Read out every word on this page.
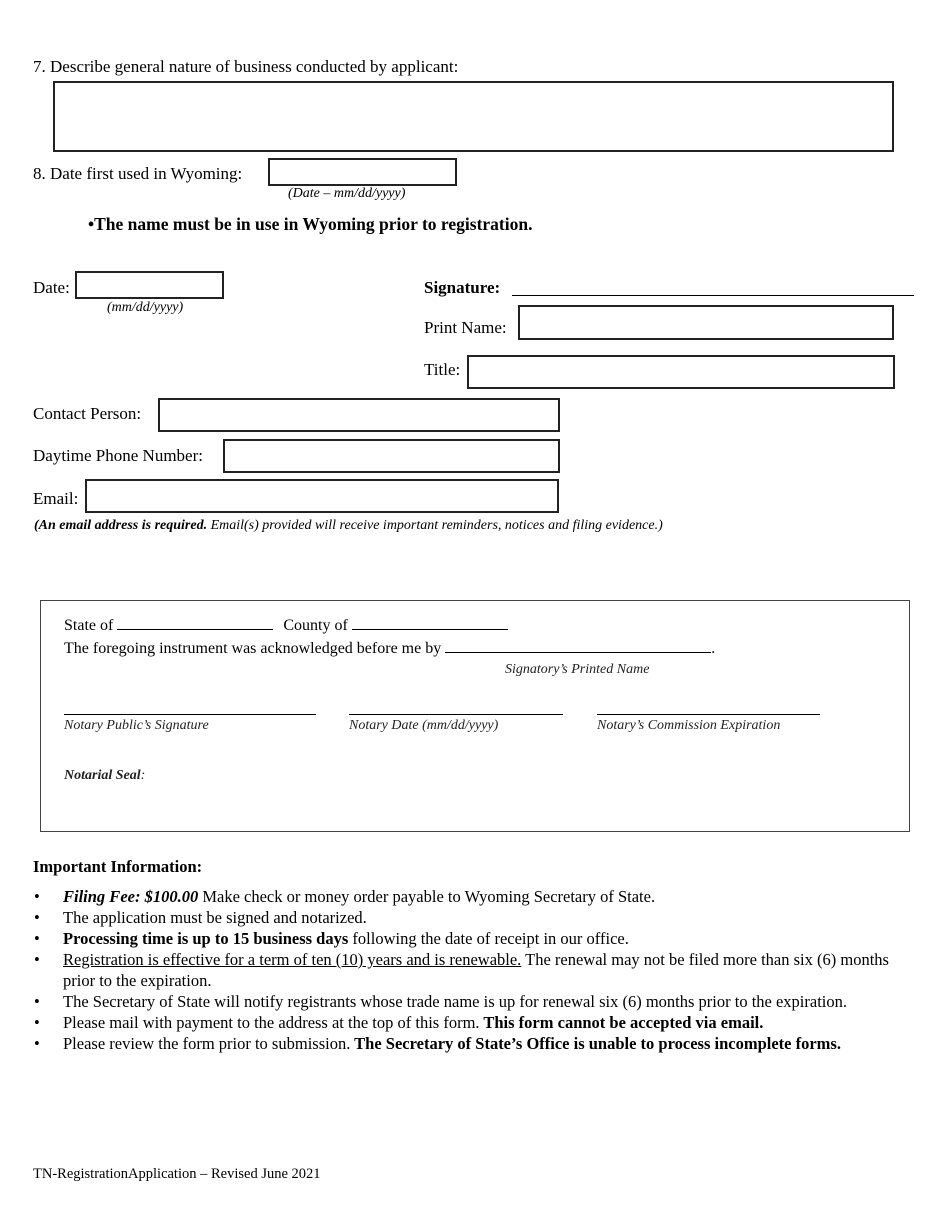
7. Describe general nature of business conducted by applicant:
8. Date first used in Wyoming:
(Date – mm/dd/yyyy)
•The name must be in use in Wyoming prior to registration.
Date:
(mm/dd/yyyy)
Signature:
Print Name:
Title:
Contact Person:
Daytime Phone Number:
Email:
(An email address is required. Email(s) provided will receive important reminders, notices and filing evidence.)
State of	County of
The foregoing instrument was acknowledged before me by	.
Signatory’s Printed Name
Notary Public’s Signature	Notary Date (mm/dd/yyyy)	Notary’s Commission Expiration
Notarial Seal:
Important Information:
• Filing Fee: $100.00 Make check or money order payable to Wyoming Secretary of State.
• The application must be signed and notarized.
• Processing time is up to 15 business days following the date of receipt in our office.
• Registration is effective for a term of ten (10) years and is renewable. The renewal may not be filed more than six (6) months prior to the expiration.
• The Secretary of State will notify registrants whose trade name is up for renewal six (6) months prior to the expiration.
• Please mail with payment to the address at the top of this form. This form cannot be accepted via email.
• Please review the form prior to submission. The Secretary of State’s Office is unable to process incomplete forms.
TN-RegistrationApplication – Revised June 2021
